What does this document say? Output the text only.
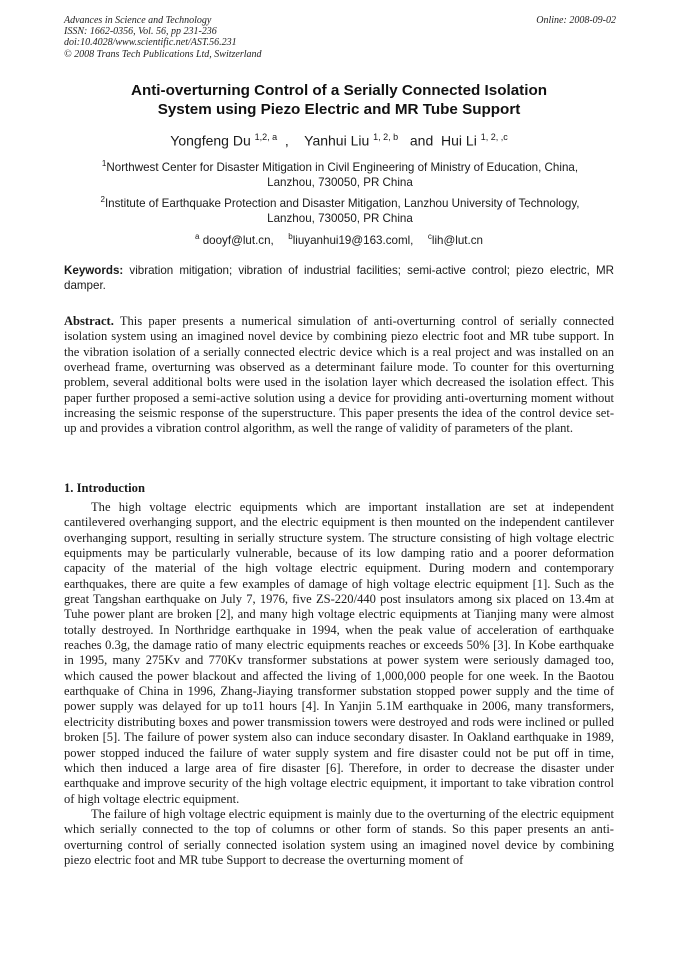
Advances in Science and Technology
ISSN: 1662-0356, Vol. 56, pp 231-236
doi:10.4028/www.scientific.net/AST.56.231
© 2008 Trans Tech Publications Ltd, Switzerland
Online: 2008-09-02
Anti-overturning Control of a Serially Connected Isolation
System using Piezo Electric and MR Tube Support
Yongfeng Du $^{1,2, a}$  ,    Yanhui Liu $^{1, 2, b}$   and  Hui Li $^{1, 2, ,c}$
$^1$Northwest Center for Disaster Mitigation in Civil Engineering of Ministry of Education, China,
Lanzhou, 730050, PR China
$^2$Institute of Earthquake Protection and Disaster Mitigation, Lanzhou University of Technology,
Lanzhou, 730050, PR China
$^a$ dooyf@lut.cn, $^b$liuyanhui19@163.coml, $^c$lih@lut.cn
Keywords: vibration mitigation; vibration of industrial facilities; semi-active control; piezo electric, MR damper.
Abstract. This paper presents a numerical simulation of anti-overturning control of serially connected isolation system using an imagined novel device by combining piezo electric foot and MR tube support. In the vibration isolation of a serially connected electric device which is a real project and was installed on an overhead frame, overturning was observed as a determinant failure mode. To counter for this overturning problem, several additional bolts were used in the isolation layer which decreased the isolation effect. This paper further proposed a semi-active solution using a device for providing anti-overturning moment without increasing the seismic response of the superstructure. This paper presents the idea of the control device set-up and provides a vibration control algorithm, as well the range of validity of parameters of the plant.
1. Introduction
The high voltage electric equipments which are important installation are set at independent cantilevered overhanging support, and the electric equipment is then mounted on the independent cantilever overhanging support, resulting in serially structure system. The structure consisting of high voltage electric equipments may be particularly vulnerable, because of its low damping ratio and a poorer deformation capacity of the material of the high voltage electric equipment. During modern and contemporary earthquakes, there are quite a few examples of damage of high voltage electric equipment [1]. Such as the great Tangshan earthquake on July 7, 1976, five ZS-220/440 post insulators among six placed on 13.4m at Tuhe power plant are broken [2], and many high voltage electric equipments at Tianjing many were almost totally destroyed. In Northridge earthquake in 1994, when the peak value of acceleration of earthquake reaches 0.3g, the damage ratio of many electric equipments reaches or exceeds 50% [3]. In Kobe earthquake in 1995, many 275Kv and 770Kv transformer substations at power system were seriously damaged too, which caused the power blackout and affected the living of 1,000,000 people for one week. In the Baotou earthquake of China in 1996, Zhang-Jiaying transformer substation stopped power supply and the time of power supply was delayed for up to11 hours [4]. In Yanjin 5.1M earthquake in 2006, many transformers, electricity distributing boxes and power transmission towers were destroyed and rods were inclined or pulled broken [5]. The failure of power system also can induce secondary disaster. In Oakland earthquake in 1989, power stopped induced the failure of water supply system and fire disaster could not be put off in time, which then induced a large area of fire disaster [6]. Therefore, in order to decrease the disaster under earthquake and improve security of the high voltage electric equipment, it important to take vibration control of high voltage electric equipment.
The failure of high voltage electric equipment is mainly due to the overturning of the electric equipment which serially connected to the top of columns or other form of stands. So this paper presents an anti-overturning control of serially connected isolation system using an imagined novel device by combining piezo electric foot and MR tube Support to decrease the overturning moment of
